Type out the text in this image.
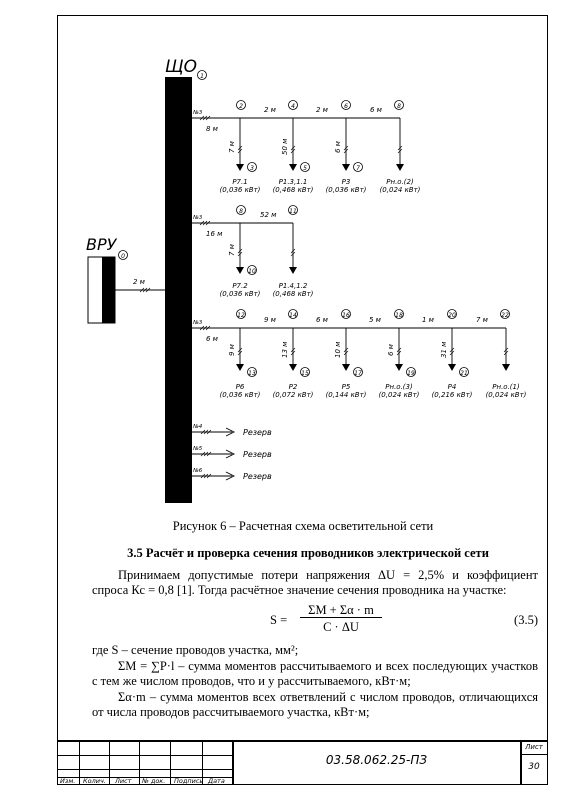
ЩО 1
ВРУ
0
2 м
№3
8 м
2	4	6	8
2 м	2 м	6 м
7 м	50 м	6 м
3	5	7
Р7.1
(0,036 кВт)
Р1.3,1.1
(0,468 кВт)
Р3
(0,036 кВт)
Рн.о.(2)
(0,024 кВт)
№3
16 м
8	11
52 м
7 м
10
Р7.2
(0,036 кВт)
Р1.4,1.2
(0,468 кВт)
№3
6 м
12	14	16	18	20	22
9 м	6 м	5 м	1 м	7 м
9 м	13 м	10 м	6 м	31 м
13	15	17	19	21
Р6
(0,036 кВт)
Р2
(0,072 кВт)
Р5
(0,144 кВт)
Рн.о.(3)
(0,024 кВт)
Р4
(0,216 кВт)
Рн.о.(1)
(0,024 кВт)
№4
Резерв
№5
Резерв
№6
Резерв
Рисунок 6 – Расчетная схема осветительной сети
3.5 Расчёт и проверка сечения проводников электрической сети
Принимаем допустимые потери напряжения ΔU = 2,5% и коэффициент спроса Кс = 0,8 [1]. Тогда расчётное значение сечения проводника на участке:
$S = \frac{\Sigma M + \Sigma\alpha \cdot m}{C \cdot \Delta U}$	(3.5)
где S – сечение проводов участка, мм²;
ΣM = ∑P·l – сумма моментов рассчитываемого и всех последующих участков с тем же числом проводов, что и у рассчитываемого, кВт·м;
Σα·m – сумма моментов всех ответвлений с числом проводов, отличающихся от числа проводов рассчитываемого участка, кВт·м;
Изм. Колич. Лист № док. Подпись Дата
03.58.062.25-ПЗ
Лист
30
